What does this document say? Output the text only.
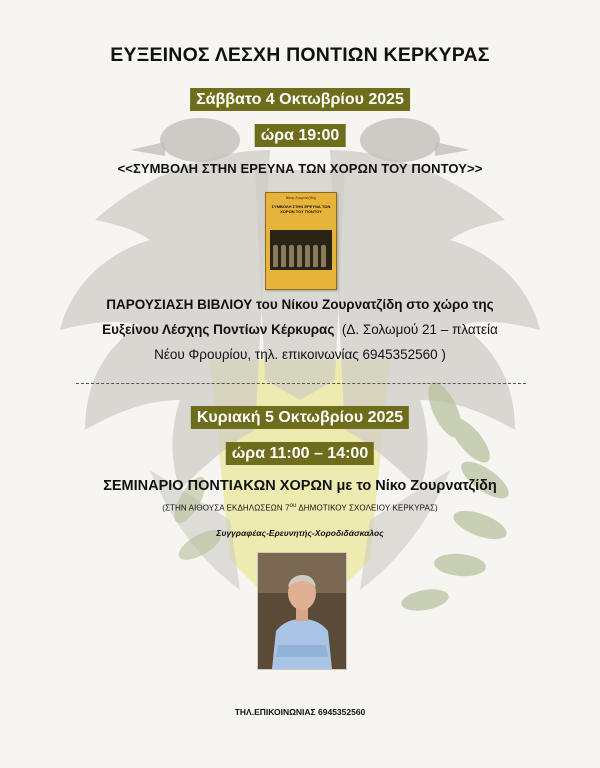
ΕΥΞΕΙΝΟΣ ΛΕΣΧΗ ΠΟΝΤΙΩΝ ΚΕΡΚΥΡΑΣ
Σάββατο 4 Οκτωβρίου 2025
ώρα 19:00
<<ΣΥΜΒΟΛΗ ΣΤΗΝ ΕΡΕΥΝΑ ΤΩΝ ΧΟΡΩΝ ΤΟΥ ΠΟΝΤΟΥ>>
Νίκος Ζουρνατζίδης
ΣΥΜΒΟΛΗ ΣΤΗΝ ΕΡΕΥΝΑ ΤΩΝ ΧΟΡΩΝ ΤΟΥ ΠΟΝΤΟΥ
ΠΑΡΟΥΣΙΑΣΗ ΒΙΒΛΙΟΥ του Νίκου Ζουρνατζίδη στο χώρο της
Ευξείνου Λέσχης Ποντίων Κέρκυρας (Δ. Σολωμού 21 – πλατεία
Νέου Φρουρίου, τηλ. επικοινωνίας 6945352560 )
Κυριακή 5 Οκτωβρίου 2025
ώρα 11:00 – 14:00
ΣΕΜΙΝΑΡΙΟ ΠΟΝΤΙΑΚΩΝ ΧΟΡΩΝ με το Νίκο Ζουρνατζίδη
(ΣΤΗΝ ΑΙΘΟΥΣΑ ΕΚΔΗΛΩΣΕΩΝ $7^{o\upsilon}$ ΔΗΜΟΤΙΚΟΥ ΣΧΟΛΕΙΟΥ ΚΕΡΚΥΡΑΣ)
Συγγραφέας-Ερευνητής-Χοροδιδάσκαλος
ΤΗΛ.ΕΠΙΚΟΙΝΩΝΙΑΣ 6945352560
